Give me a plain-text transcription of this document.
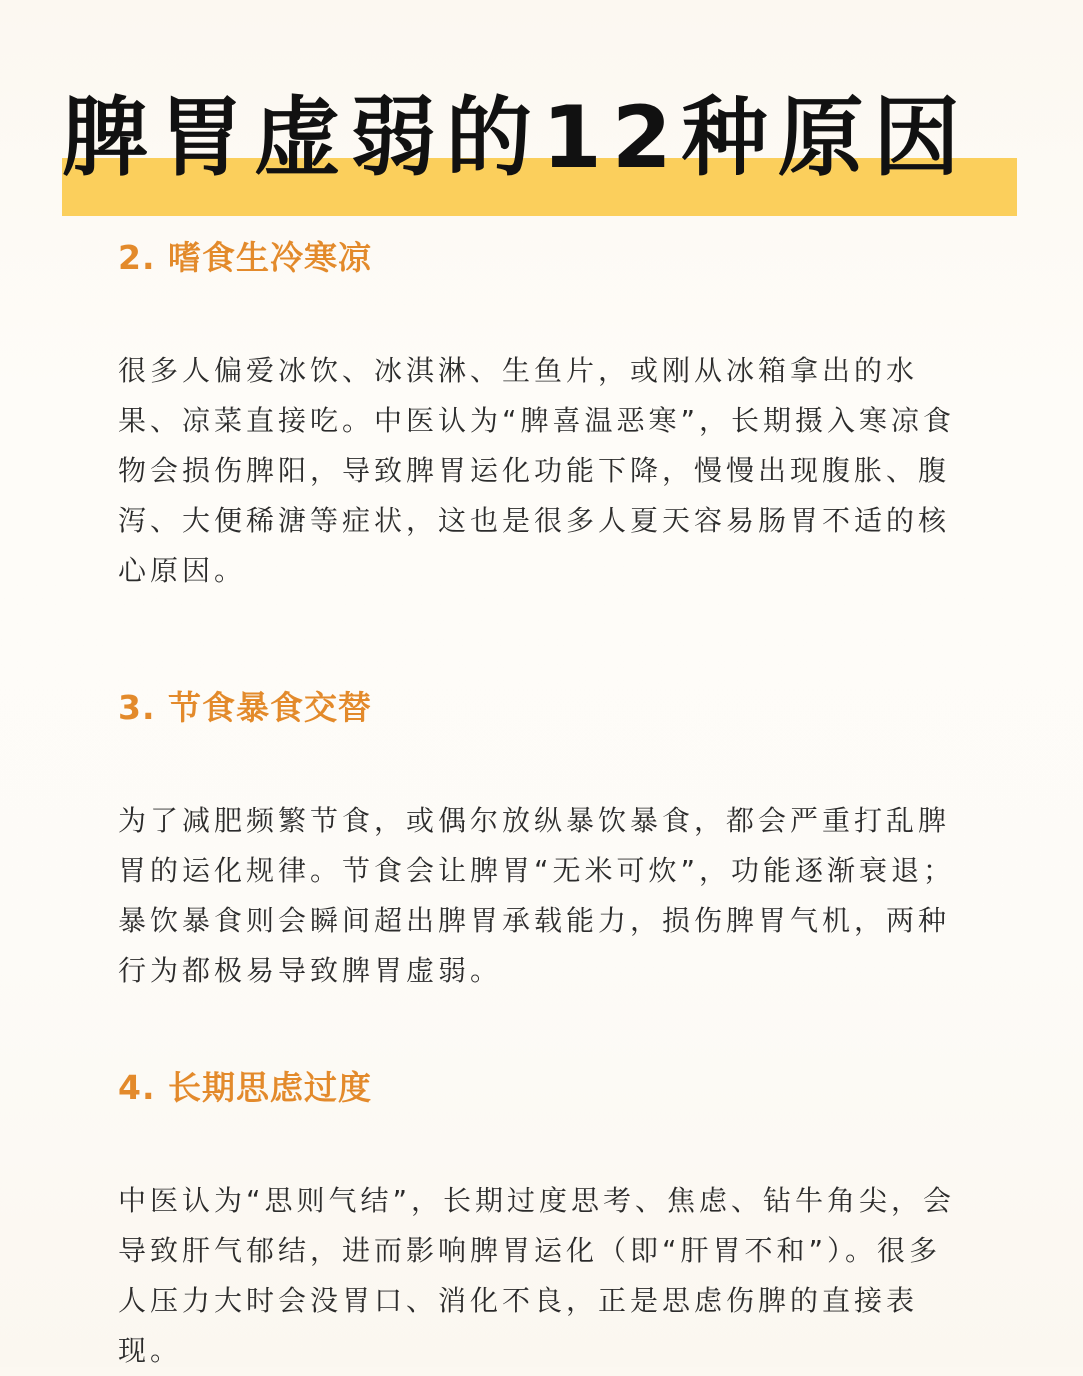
脾胃虚弱的12种原因
2. 嗜食生冷寒凉
很多人偏爱冰饮、冰淇淋、生鱼片，或刚从冰箱拿出的水
果、凉菜直接吃。中医认为“脾喜温恶寒”，长期摄入寒凉食
物会损伤脾阳，导致脾胃运化功能下降，慢慢出现腹胀、腹
泻、大便稀溏等症状，这也是很多人夏天容易肠胃不适的核
心原因。
3. 节食暴食交替
为了减肥频繁节食，或偶尔放纵暴饮暴食，都会严重打乱脾
胃的运化规律。节食会让脾胃“无米可炊”，功能逐渐衰退；
暴饮暴食则会瞬间超出脾胃承载能力，损伤脾胃气机，两种
行为都极易导致脾胃虚弱。
4. 长期思虑过度
中医认为“思则气结”，长期过度思考、焦虑、钻牛角尖，会
导致肝气郁结，进而影响脾胃运化（即“肝胃不和”）。很多
人压力大时会没胃口、消化不良，正是思虑伤脾的直接表
现。
